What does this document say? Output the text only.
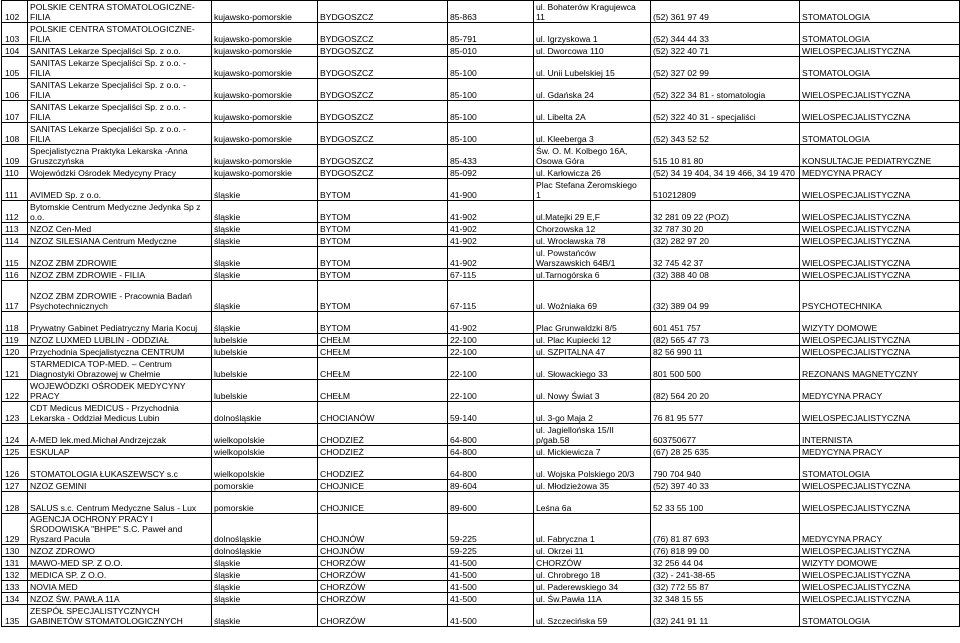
102	POLSKIE CENTRA STOMATOLOGICZNE-
FILIA	kujawsko-pomorskie	BYDGOSZCZ	85-863	ul. Bohaterów Kragujewca
11	(52) 361 97 49	STOMATOLOGIA
103	POLSKIE CENTRA STOMATOLOGICZNE-
FILIA	kujawsko-pomorskie	BYDGOSZCZ	85-791	ul. Igrzyskowa 1	(52) 344 44 33	STOMATOLOGIA
104	SANITAS Lekarze Specjaliści Sp. z o.o.	kujawsko-pomorskie	BYDGOSZCZ	85-010	ul. Dworcowa 110	(52) 322 40 71	WIELOSPECJALISTYCZNA
105	SANITAS Lekarze Specjaliści Sp. z o.o. -
FILIA	kujawsko-pomorskie	BYDGOSZCZ	85-100	ul. Unii Lubelskiej 15	(52) 327 02 99	STOMATOLOGIA
106	SANITAS Lekarze Specjaliści Sp. z o.o. -
FILIA	kujawsko-pomorskie	BYDGOSZCZ	85-100	ul. Gdańska 24	(52) 322 34 81 - stomatologia	WIELOSPECJALISTYCZNA
107	SANITAS Lekarze Specjaliści Sp. z o.o. -
FILIA	kujawsko-pomorskie	BYDGOSZCZ	85-100	ul. Libelta 2A	(52) 322 40 31 - specjaliści	WIELOSPECJALISTYCZNA
108	SANITAS Lekarze Specjaliści Sp. z o.o. -
FILIA	kujawsko-pomorskie	BYDGOSZCZ	85-100	ul. Kleeberga 3	(52) 343 52 52	STOMATOLOGIA
109	Specjalistyczna Praktyka Lekarska -Anna
Gruszczyńska	kujawsko-pomorskie	BYDGOSZCZ	85-433	Św. O. M. Kolbego 16A,
Osowa Góra	515 10 81 80	KONSULTACJE PEDIATRYCZNE
110	Wojewódzki Ośrodek Medycyny Pracy	kujawsko-pomorskie	BYDGOSZCZ	85-092	ul. Karłowicza 26	(52) 34 19 404, 34 19 466, 34 19 470	MEDYCYNA PRACY
111	AVIMED Sp. z o.o.	śląskie	BYTOM	41-900	Plac Stefana Żeromskiego
1	510212809	WIELOSPECJALISTYCZNA
112	Bytomskie Centrum Medyczne Jedynka Sp z
o.o.	śląskie	BYTOM	41-902	ul.Matejki 29 E,F	32 281 09 22 (POZ)	WIELOSPECJALISTYCZNA
113	NZOZ Cen-Med	śląskie	BYTOM	41-902	Chorzowska 12	32 787 30 20	WIELOSPECJALISTYCZNA
114	NZOZ SILESIANA Centrum Medyczne	śląskie	BYTOM	41-902	ul. Wrocławska 78	(32) 282 97 20	WIELOSPECJALISTYCZNA
115	NZOZ ZBM ZDROWIE	śląskie	BYTOM	41-902	ul. Powstańców
Warszawskich 64B/1	32 745 42 37	WIELOSPECJALISTYCZNA
116	NZOZ ZBM ZDROWIE - FILIA	śląskie	BYTOM	67-115	ul.Tarnogórska 6	(32) 388 40 08	WIELOSPECJALISTYCZNA
117	NZOZ ZBM ZDROWIE - Pracownia Badań
Psychotechnicznych	śląskie	BYTOM	67-115	ul. Woźniaka 69	(32) 389 04 99	PSYCHOTECHNIKA
118	Prywatny Gabinet Pediatryczny Maria Kocuj	śląskie	BYTOM	41-902	Plac Grunwaldzki 8/5	601 451 757	WIZYTY DOMOWE
119	NZOZ LUXMED LUBLIN - ODDZIAŁ	lubelskie	CHEŁM	22-100	ul. Plac Kupiecki 12	(82) 565 47 73	WIELOSPECJALISTYCZNA
120	Przychodnia Specjalistyczna CENTRUM	lubelskie	CHEŁM	22-100	ul. SZPITALNA 47	82 56 990 11	WIELOSPECJALISTYCZNA
121	STARMEDICA TOP-MED. – Centrum
Diagnostyki Obrazowej w Chełmie	lubelskie	CHEŁM	22-100	ul. Słowackiego 33	801 500 500	REZONANS MAGNETYCZNY
122	WOJEWÓDZKI OŚRODEK MEDYCYNY
PRACY	lubelskie	CHEŁM	22-100	ul. Nowy Świat 3	(82) 564 20 20	MEDYCYNA PRACY
123	CDT Medicus MEDICUS - Przychodnia
Lekarska - Oddział Medicus Lubin	dolnośląskie	CHOCIANÓW	59-140	ul. 3-go Maja 2	76 81 95 577	WIELOSPECJALISTYCZNA
124	A-MED lek.med.Michał Andrzejczak	wielkopolskie	CHODZIEŻ	64-800	ul. Jagiellońska 15/II
p/gab.58	603750677	INTERNISTA
125	ESKULAP	wielkopolskie	CHODZIEŻ	64-800	ul. Mickiewicza 7	(67) 28 25 635	MEDYCYNA PRACY
126	STOMATOLOGIA ŁUKASZEWSCY s.c	wielkopolskie	CHODZIEŻ	64-800	ul. Wojska Polskiego 20/3	790 704 940	STOMATOLOGIA
127	NZOZ GEMINI	pomorskie	CHOJNICE	89-604	ul. Młodzieżowa 35	(52) 397 40 33	WIELOSPECJALISTYCZNA
128	SALUS s.c. Centrum Medyczne Salus - Lux	pomorskie	CHOJNICE	89-600	Leśna 6a	52 33 55 100	WIELOSPECJALISTYCZNA
129	AGENCJA OCHRONY PRACY I
ŚRODOWISKA "BHPE" S.C. Paweł and
Ryszard Pacuła	dolnośląskie	CHOJNÓW	59-225	ul. Fabryczna 1	(76) 81 87 693	MEDYCYNA PRACY
130	NZOZ ZDROWO	dolnośląskie	CHOJNÓW	59-225	ul. Okrzei 11	(76) 818 99 00	WIELOSPECJALISTYCZNA
131	MAWO-MED SP. Z O.O.	śląskie	CHORZÓW	41-500	CHORZÓW	32 256 44 04	WIZYTY DOMOWE
132	MEDICA SP. Z O.O.	śląskie	CHORZÓW	41-500	ul. Chrobrego 18	(32) - 241-38-65	WIELOSPECJALISTYCZNA
133	NOVIA MED	śląskie	CHORZÓW	41-500	ul. Paderewskiego 34	(32) 772 55 87	WIELOSPECJALISTYCZNA
134	NZOZ ŚW. PAWŁA 11A	śląskie	CHORZÓW	41-500	ul. Św.Pawła 11A	32 348 15 55	WIELOSPECJALISTYCZNA
135	ZESPÓŁ SPECJALISTYCZNYCH
GABINETÓW STOMATOLOGICZNYCH	śląskie	CHORZÓW	41-500	ul. Szczecińska 59	(32) 241 91 11	STOMATOLOGIA
